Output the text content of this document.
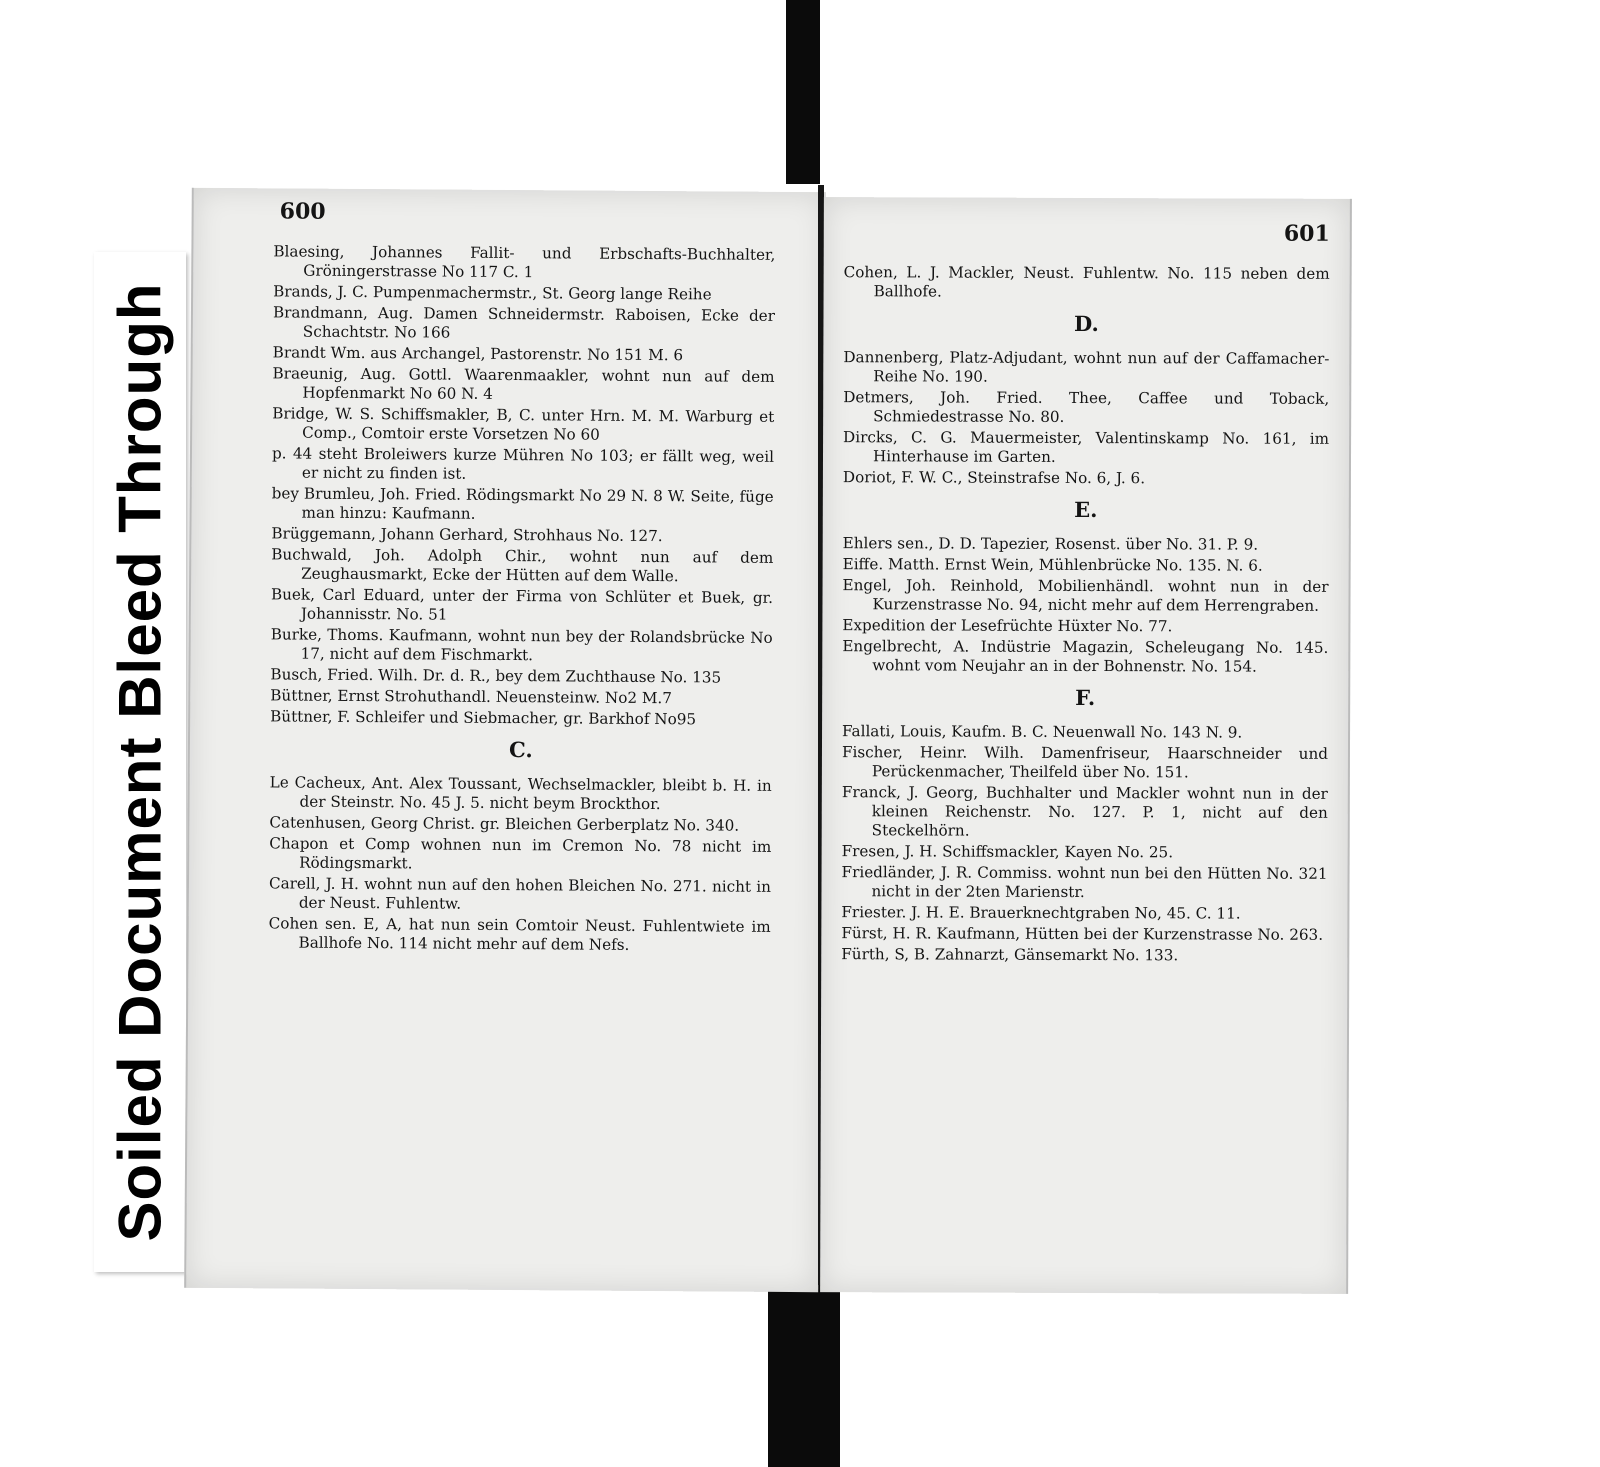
Soiled Document Bleed Through
600
Blaesing, Johannes Fallit- und Erbschafts-Buchhalter, Gröningerstrasse No 117 C. 1
Brands, J. C. Pumpenmachermstr., St. Georg lange Reihe
Brandmann, Aug. Damen Schneidermstr. Raboisen, Ecke der Schachtstr. No 166
Brandt Wm. aus Archangel, Pastorenstr. No 151 M. 6
Braeunig, Aug. Gottl. Waarenmaakler, wohnt nun auf dem Hopfenmarkt No 60 N. 4
Bridge, W. S. Schiffsmakler, B, C. unter Hrn. M. M. Warburg et Comp., Comtoir erste Vorsetzen No 60
p. 44 steht Broleiwers kurze Mühren No 103; er fällt weg, weil er nicht zu finden ist.
bey Brumleu, Joh. Fried. Rödingsmarkt No 29 N. 8 W. Seite, füge man hinzu: Kaufmann.
Brüggemann, Johann Gerhard, Strohhaus No. 127.
Buchwald, Joh. Adolph Chir., wohnt nun auf dem Zeughausmarkt, Ecke der Hütten auf dem Walle.
Buek, Carl Eduard, unter der Firma von Schlüter et Buek, gr. Johannisstr. No. 51
Burke, Thoms. Kaufmann, wohnt nun bey der Rolandsbrücke No 17, nicht auf dem Fischmarkt.
Busch, Fried. Wilh. Dr. d. R., bey dem Zuchthause No. 135
Büttner, Ernst Strohuthandl. Neuensteinw. No2 M.7
Büttner, F. Schleifer und Siebmacher, gr. Barkhof No95
C.
Le Cacheux, Ant. Alex Toussant, Wechselmackler, bleibt b. H. in der Steinstr. No. 45 J. 5. nicht beym Brockthor.
Catenhusen, Georg Christ. gr. Bleichen Gerberplatz No. 340.
Chapon et Comp wohnen nun im Cremon No. 78 nicht im Rödingsmarkt.
Carell, J. H. wohnt nun auf den hohen Bleichen No. 271. nicht in der Neust. Fuhlentw.
Cohen sen. E, A, hat nun sein Comtoir Neust. Fuhlentwiete im Ballhofe No. 114 nicht mehr auf dem Nefs.
601
Cohen, L. J. Mackler, Neust. Fuhlentw. No. 115 neben dem Ballhofe.
D.
Dannenberg, Platz-Adjudant, wohnt nun auf der Caffamacher-Reihe No. 190.
Detmers, Joh. Fried. Thee, Caffee und Toback, Schmiedestrasse No. 80.
Dircks, C. G. Mauermeister, Valentinskamp No. 161, im Hinterhause im Garten.
Doriot, F. W. C., Steinstrafse No. 6, J. 6.
E.
Ehlers sen., D. D. Tapezier, Rosenst. über No. 31. P. 9.
Eiffe. Matth. Ernst Wein, Mühlenbrücke No. 135. N. 6.
Engel, Joh. Reinhold, Mobilienhändl. wohnt nun in der Kurzenstrasse No. 94, nicht mehr auf dem Herrengraben.
Expedition der Lesefrüchte Hüxter No. 77.
Engelbrecht, A. Indüstrie Magazin, Scheleugang No. 145. wohnt vom Neujahr an in der Bohnenstr. No. 154.
F.
Fallati, Louis, Kaufm. B. C. Neuenwall No. 143 N. 9.
Fischer, Heinr. Wilh. Damenfriseur, Haarschneider und Perückenmacher, Theilfeld über No. 151.
Franck, J. Georg, Buchhalter und Mackler wohnt nun in der kleinen Reichenstr. No. 127. P. 1, nicht auf den Steckelhörn.
Fresen, J. H. Schiffsmackler, Kayen No. 25.
Friedländer, J. R. Commiss. wohnt nun bei den Hütten No. 321 nicht in der 2ten Marienstr.
Friester. J. H. E. Brauerknechtgraben No, 45. C. 11.
Fürst, H. R. Kaufmann, Hütten bei der Kurzenstrasse No. 263.
Fürth, S, B. Zahnarzt, Gänsemarkt No. 133.
